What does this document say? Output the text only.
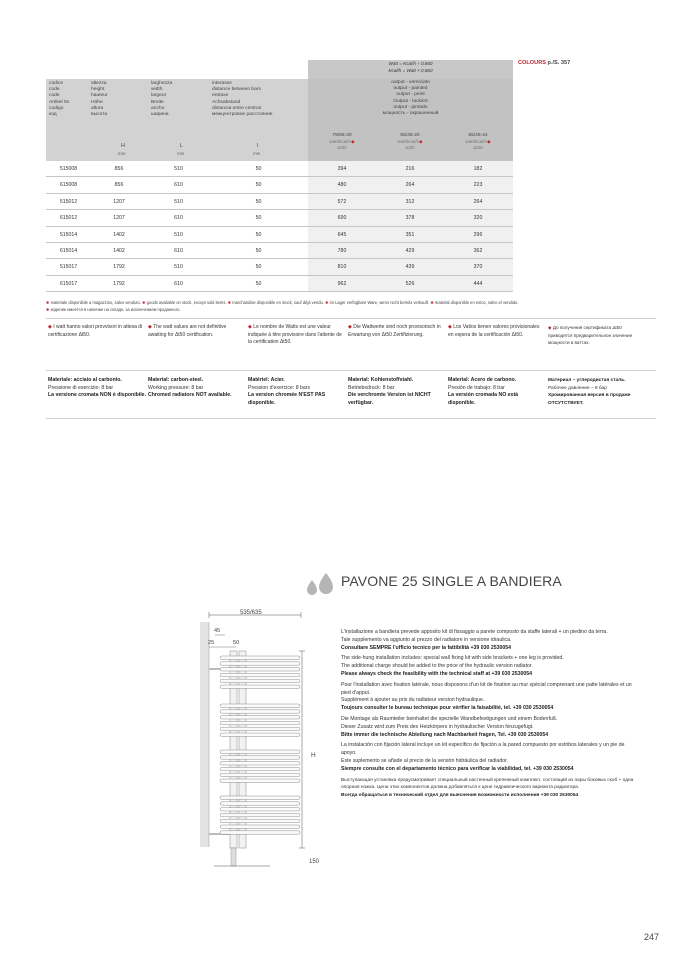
Watt = Kcal/h ÷ 0,860
Kcal/h = Watt × 0,860
COLOURS p./S. 357
codice
code
code
Artikel Nr.
codigo
код
altezza
height
hauteur
Höhe
altura
высота
larghezza
width
largeur
Breite
ancho
ширина
interasse
distance between bars
entraxe
Achsabstand
distancia entre centros
межцентровое расстояние
output - verniciato
output - painted
output - peint
Output - lackiert
output - pintado
мощность - окрашенный
H	L	I
mm	mm	mm
75/65-20
watt/kcal/h◆
Δt50
55/45-20
watt/kcal/h◆
Δt30
55/45-24
watt/kcal/h◆
Δt28
515008	856	510	50	394	216	182
615008	856	610	50	480	264	223
515012	1207	510	50	572	312	264
615012	1207	610	50	690	378	320
515014	1402	510	50	645	351	296
615014	1402	610	50	780	429	362
515017	1792	510	50	810	439	370
615017	1792	610	50	962	526	444
✱ materiale disponibile a magazzino, salvo venduto. ✱ goods available on stock, except sold items. ✱ marchandise disponible en stock, sauf déjà vendu. ✱ im Lager verfügbare Ware, wenn nicht bereits verkauft. ✱ material disponible en estoc, salvo el vendido.
✱ изделие имеется в наличие на складе, за исключением проданного.
◆ I watt hanno valori provvisori in attesa di certificazione Δt50.
◆ The watt values are not definitive awaiting for Δt50 certification.
◆ Le nombre de Watts est une valeur indiquée à titre provisoire dans l'attente de la certification Δt50.
◆ Die Wattwerte sind noch provisorisch in Erwartung von Δt50 Zertifizierung.
◆ Los Vatios tienen valores provisionales en espera de la certificación Δt50.
◆ До получения сертификата Δt50 приводятся предварительное значение мощности в ваттах.
Materiale: acciaio al carbonio.
Pressione di esercizio: 8 bar
La versione cromata NON è disponibile.
Material: carbon-steel.
Working pressure: 8 bar
Chromed radiators NOT available.
Matériel: Acier.
Pression d'exercice: 8 bars
La version chromée N'EST PAS disponible.
Material: Kohlenstoffstahl.
Betriebsdruck: 8 bar
Die verchromte Version ist NICHT verfügbar.
Material: Acero de carbono.
Presión de trabajo: 8 bar
La versión cromada NO está disponible.
Материал – углеродистая сталь.
Рабочее давление – 8 бар
Хромированная версия в продаже ОТСУТСТВУЕТ.
PAVONE 25 SINGLE A BANDIERA
535/635
45
25	50
H
150

L'installazione a bandiera prevede apposito kit di fissaggio a parete composto da staffe laterali + un piedino da terra.
Tale supplemento va aggiunto al prezzo del radiatore in versione idraulica.
Consultare SEMPRE l'ufficio tecnico per la fattibilità +39 030 2530054

The side-hung installation includes: special wall fixing kit with side brackets + one leg is provided.
The additional charge should be added to the price of the hydraulic version radiator.
Please always check the feasibility with the technical staff at +39 030 2530054

Pour l'installation avec fixation latérale, nous disposons d'un kit de fixation au mur spécial comprenant une patte latérales et un pied d'appui.
Supplément à ajouter au prix du radiateur version hydraulique.
Toujours consulter le bureau technique pour vérifier la faisabilité, tel. +39 030 2530054

Die Montage als Raumteiler beinhaltet die spezielle Wandbefestigungen und einem Bodenfuß.
Dieser Zusatz wird zum Preis des Heizkörpers in hydraulischer Version hinzugefügt.
Bitte immer die technische Abteilung nach Machbarkeit fragen, Tel. +39 030 2530054

La instalación con fijación lateral incluye un kit específico de fijación a la pared compuesto por estribos laterales y un pie de apoyo.
Este suplemento se añade al precio de la versión hidráulica del radiador.
Siempre consulte con el departamento técnico para verificar la viabilidad, tel. +39 030 2530054

Выступающая установка предусматривает специальный настенный крепежный комплект, состоящий из пары боковых скоб + одна опорная ножка. Цена этих компонентов должна добавляться к цене гидравлического варианта радиатора.
Всегда обращаться в технический отдел для выяснения возможности исполнения +39 030 2530054

247
